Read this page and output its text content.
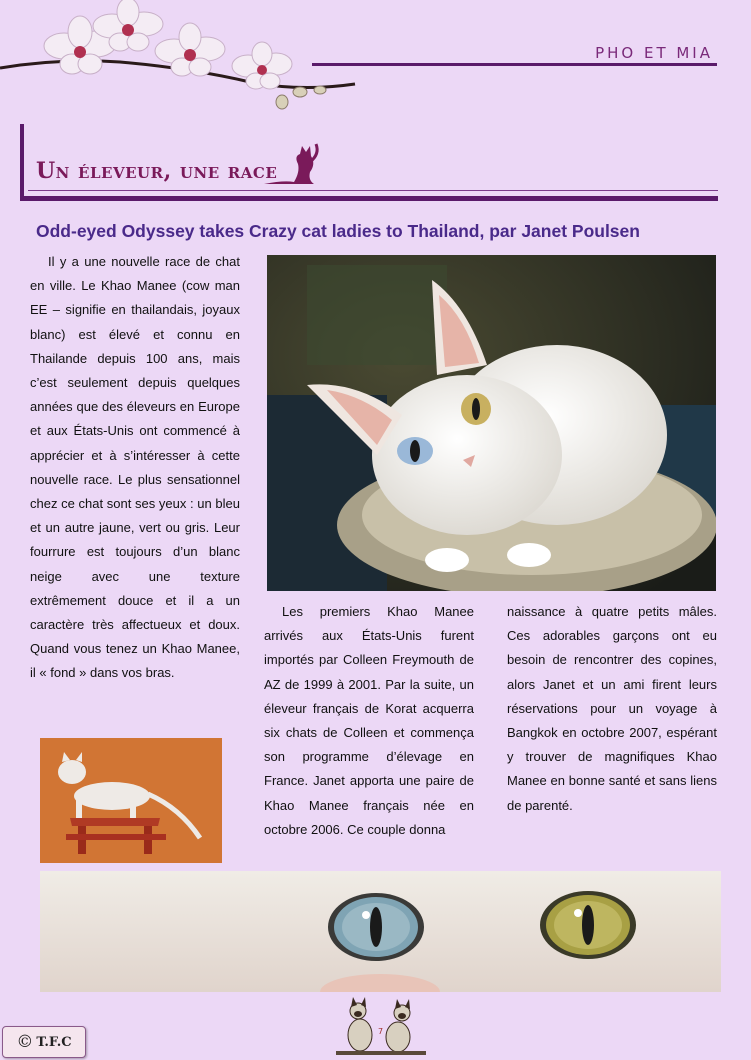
PHO ET MIA
Un éleveur, une race
Odd-eyed Odyssey takes Crazy cat ladies to Thailand, par Janet Poulsen

Il y a une nouvelle race de chat en ville. Le Khao Manee (cow man EE – signifie en thailandais, joyaux blanc) est élevé et connu en Thailande depuis 100 ans, mais c’est seulement depuis quelques années que des éleveurs en Europe et aux États-Unis ont commencé à apprécier et à s’intéresser à cette nouvelle race. Le plus sensationnel chez ce chat sont ses yeux : un bleu et un autre jaune, vert ou gris. Leur fourrure est toujours d’un blanc neige avec une texture extrêmement douce et il a un caractère très affectueux et doux. Quand vous tenez un Khao Manee, il « fond » dans vos bras.

Les premiers Khao Manee arrivés aux États-Unis furent importés par Colleen Freymouth de AZ de 1999 à 2001. Par la suite, un éleveur français de Korat acquerra six chats de Colleen et commença son programme d’élevage en France. Janet apporta une paire de Khao Manee français née en octobre 2006. Ce couple donna

naissance à quatre petits mâles. Ces adorables garçons ont eu besoin de rencontrer des copines, alors Janet et un ami firent leurs réservations pour un voyage à Bangkok en octobre 2007, espérant y trouver de magnifiques Khao Manee en bonne santé et sans liens de parenté.

7
© T.F.C
